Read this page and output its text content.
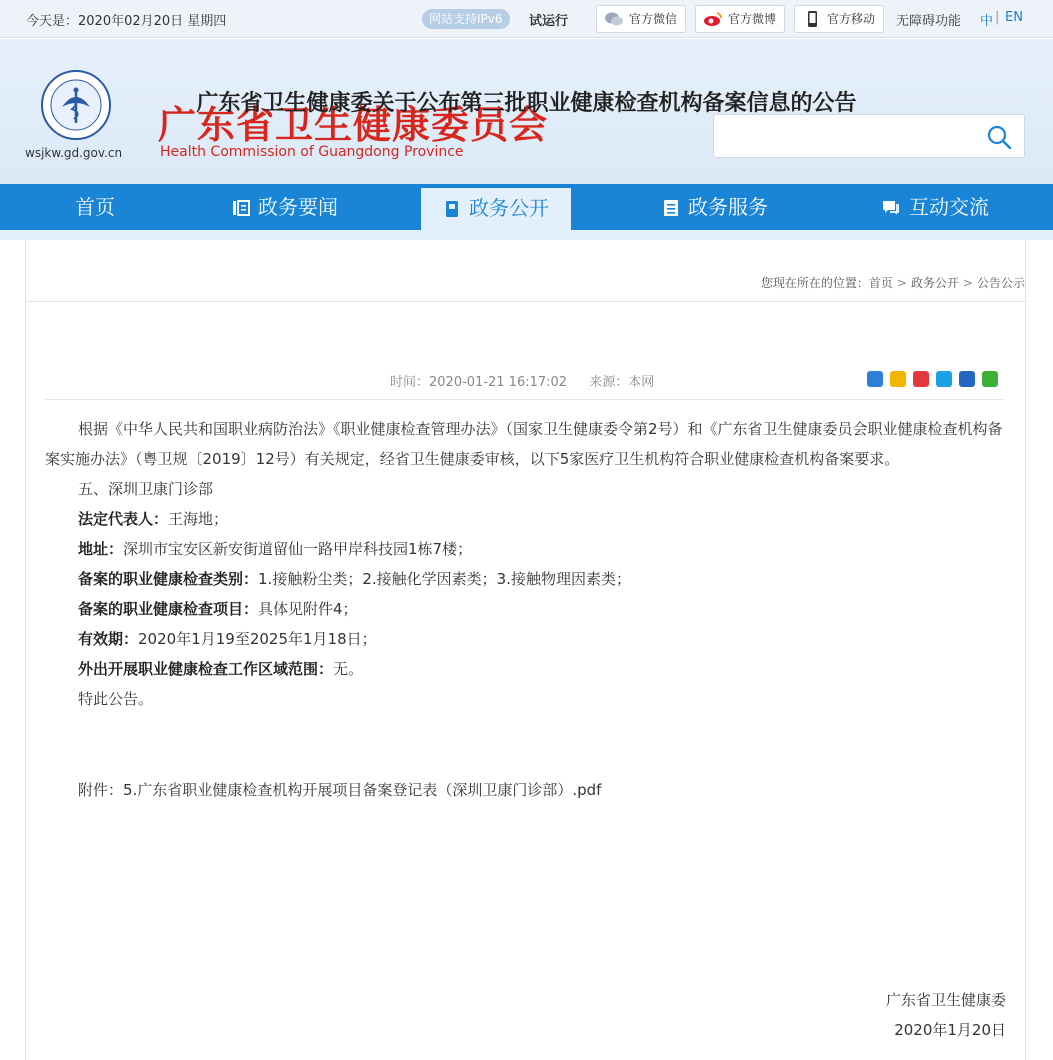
今天是：2020年02月20日 星期四	网站支持IPv6	试运行	官方微信	官方微博	官方移动	无障碍功能 中 | EN
wsjkw.gd.gov.cn
广东省卫生健康委员会
Health Commission of Guangdong Province
首页	政务要闻	政务公开	政务服务	互动交流
您现在所在的位置：首页 > 政务公开 > 公告公示
广东省卫生健康委关于公布第三批职业健康检查机构备案信息的公告
时间：2020-01-21 16:17:02 来源：本网

根据《中华人民共和国职业病防治法》《职业健康检查管理办法》（国家卫生健康委令第2号）和《广东省卫生健康委员会职业健康检查机构备案实施办法》（粤卫规〔2019〕12号）有关规定，经省卫生健康委审核，以下5家医疗卫生机构符合职业健康检查机构备案要求。

五、深圳卫康门诊部
法定代表人：王海地；
地址：深圳市宝安区新安街道留仙一路甲岸科技园1栋7楼；
备案的职业健康检查类别：1.接触粉尘类；2.接触化学因素类；3.接触物理因素类；
备案的职业健康检查项目：具体见附件4；
有效期：2020年1月19至2025年1月18日；
外出开展职业健康检查工作区域范围：无。
特此公告。
附件：5.广东省职业健康检查机构开展项目备案登记表（深圳卫康门诊部）.pdf
广东省卫生健康委
2020年1月20日
